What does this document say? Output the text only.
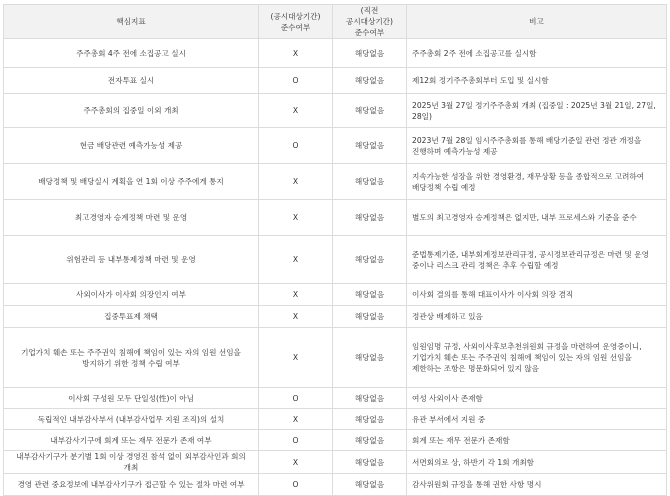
핵심지표	(공시대상기간)준수여부	(직전 공시대상기간)준수여부	비고
주주총회 4주 전에 소집공고 실시	X	해당없음	주주총회 2주 전에 소집공고를 실시함
전자투표 실시	O	해당없음	제12회 정기주주총회부터 도입 및 실시함
주주총회의 집중일 이외 개최	X	해당없음	2025년 3월 27일 정기주주총회 개최 (집중일 : 2025년 3월 21일, 27일, 28일)
현금 배당관련 예측가능성 제공	O	해당없음	2023년 7월 28일 임시주주총회를 통해 배당기준일 관련 정관 개정을 진행하며 예측가능성 제공
배당정책 및 배당실시 계획을 연 1회 이상 주주에게 통지	X	해당없음	지속가능한 성장을 위한 경영환경, 재무상황 등을 종합적으로 고려하여 배당정책 수립 예정
최고경영자 승계정책 마련 및 운영	X	해당없음	별도의 최고경영자 승계정책은 없지만, 내부 프로세스와 기준을 준수
위험관리 등 내부통제정책 마련 및 운영	X	해당없음	준법통제기준, 내부회계정보관리규정, 공시정보관리규정은 마련 및 운영 중이나 리스크 관리 정책은 추후 수립할 예정
사외이사가 이사회 의장인지 여부	X	해당없음	이사회 결의를 통해 대표이사가 이사회 의장 겸직
집중투표제 채택	X	해당없음	정관상 배제하고 있음
기업가치 훼손 또는 주주권익 침해에 책임이 있는 자의 임원 선임을 방지하기 위한 정책 수립 여부	X	해당없음	임원임명 규정, 사외이사후보추천위원회 규정을 마련하여 운영중이니, 기업가치 훼손 또는 주주권익 침해에 책임이 있는 자의 임원 선임을 제한하는 조항은 명문화되어 있지 않음
이사회 구성원 모두 단일성(性)이 아님	O	해당없음	여성 사외이사 존재함
독립적인 내부감사부서 (내부감사업무 지원 조직)의 설치	X	해당없음	유관 부서에서 지원 중
내부감사기구에 회계 또는 재무 전문가 존재 여부	O	해당없음	회계 또는 재무 전문가 존재함
내부감사기구가 분기별 1회 이상 경영진 참석 없이 외부감사인과 회의 개최	X	해당없음	서면회의로 상, 하반기 각 1회 개최함
경영 관련 중요정보에 내부감사기구가 접근할 수 있는 절차 마련 여부	O	해당없음	감사위원회 규정을 통해 권한 사항 명시
